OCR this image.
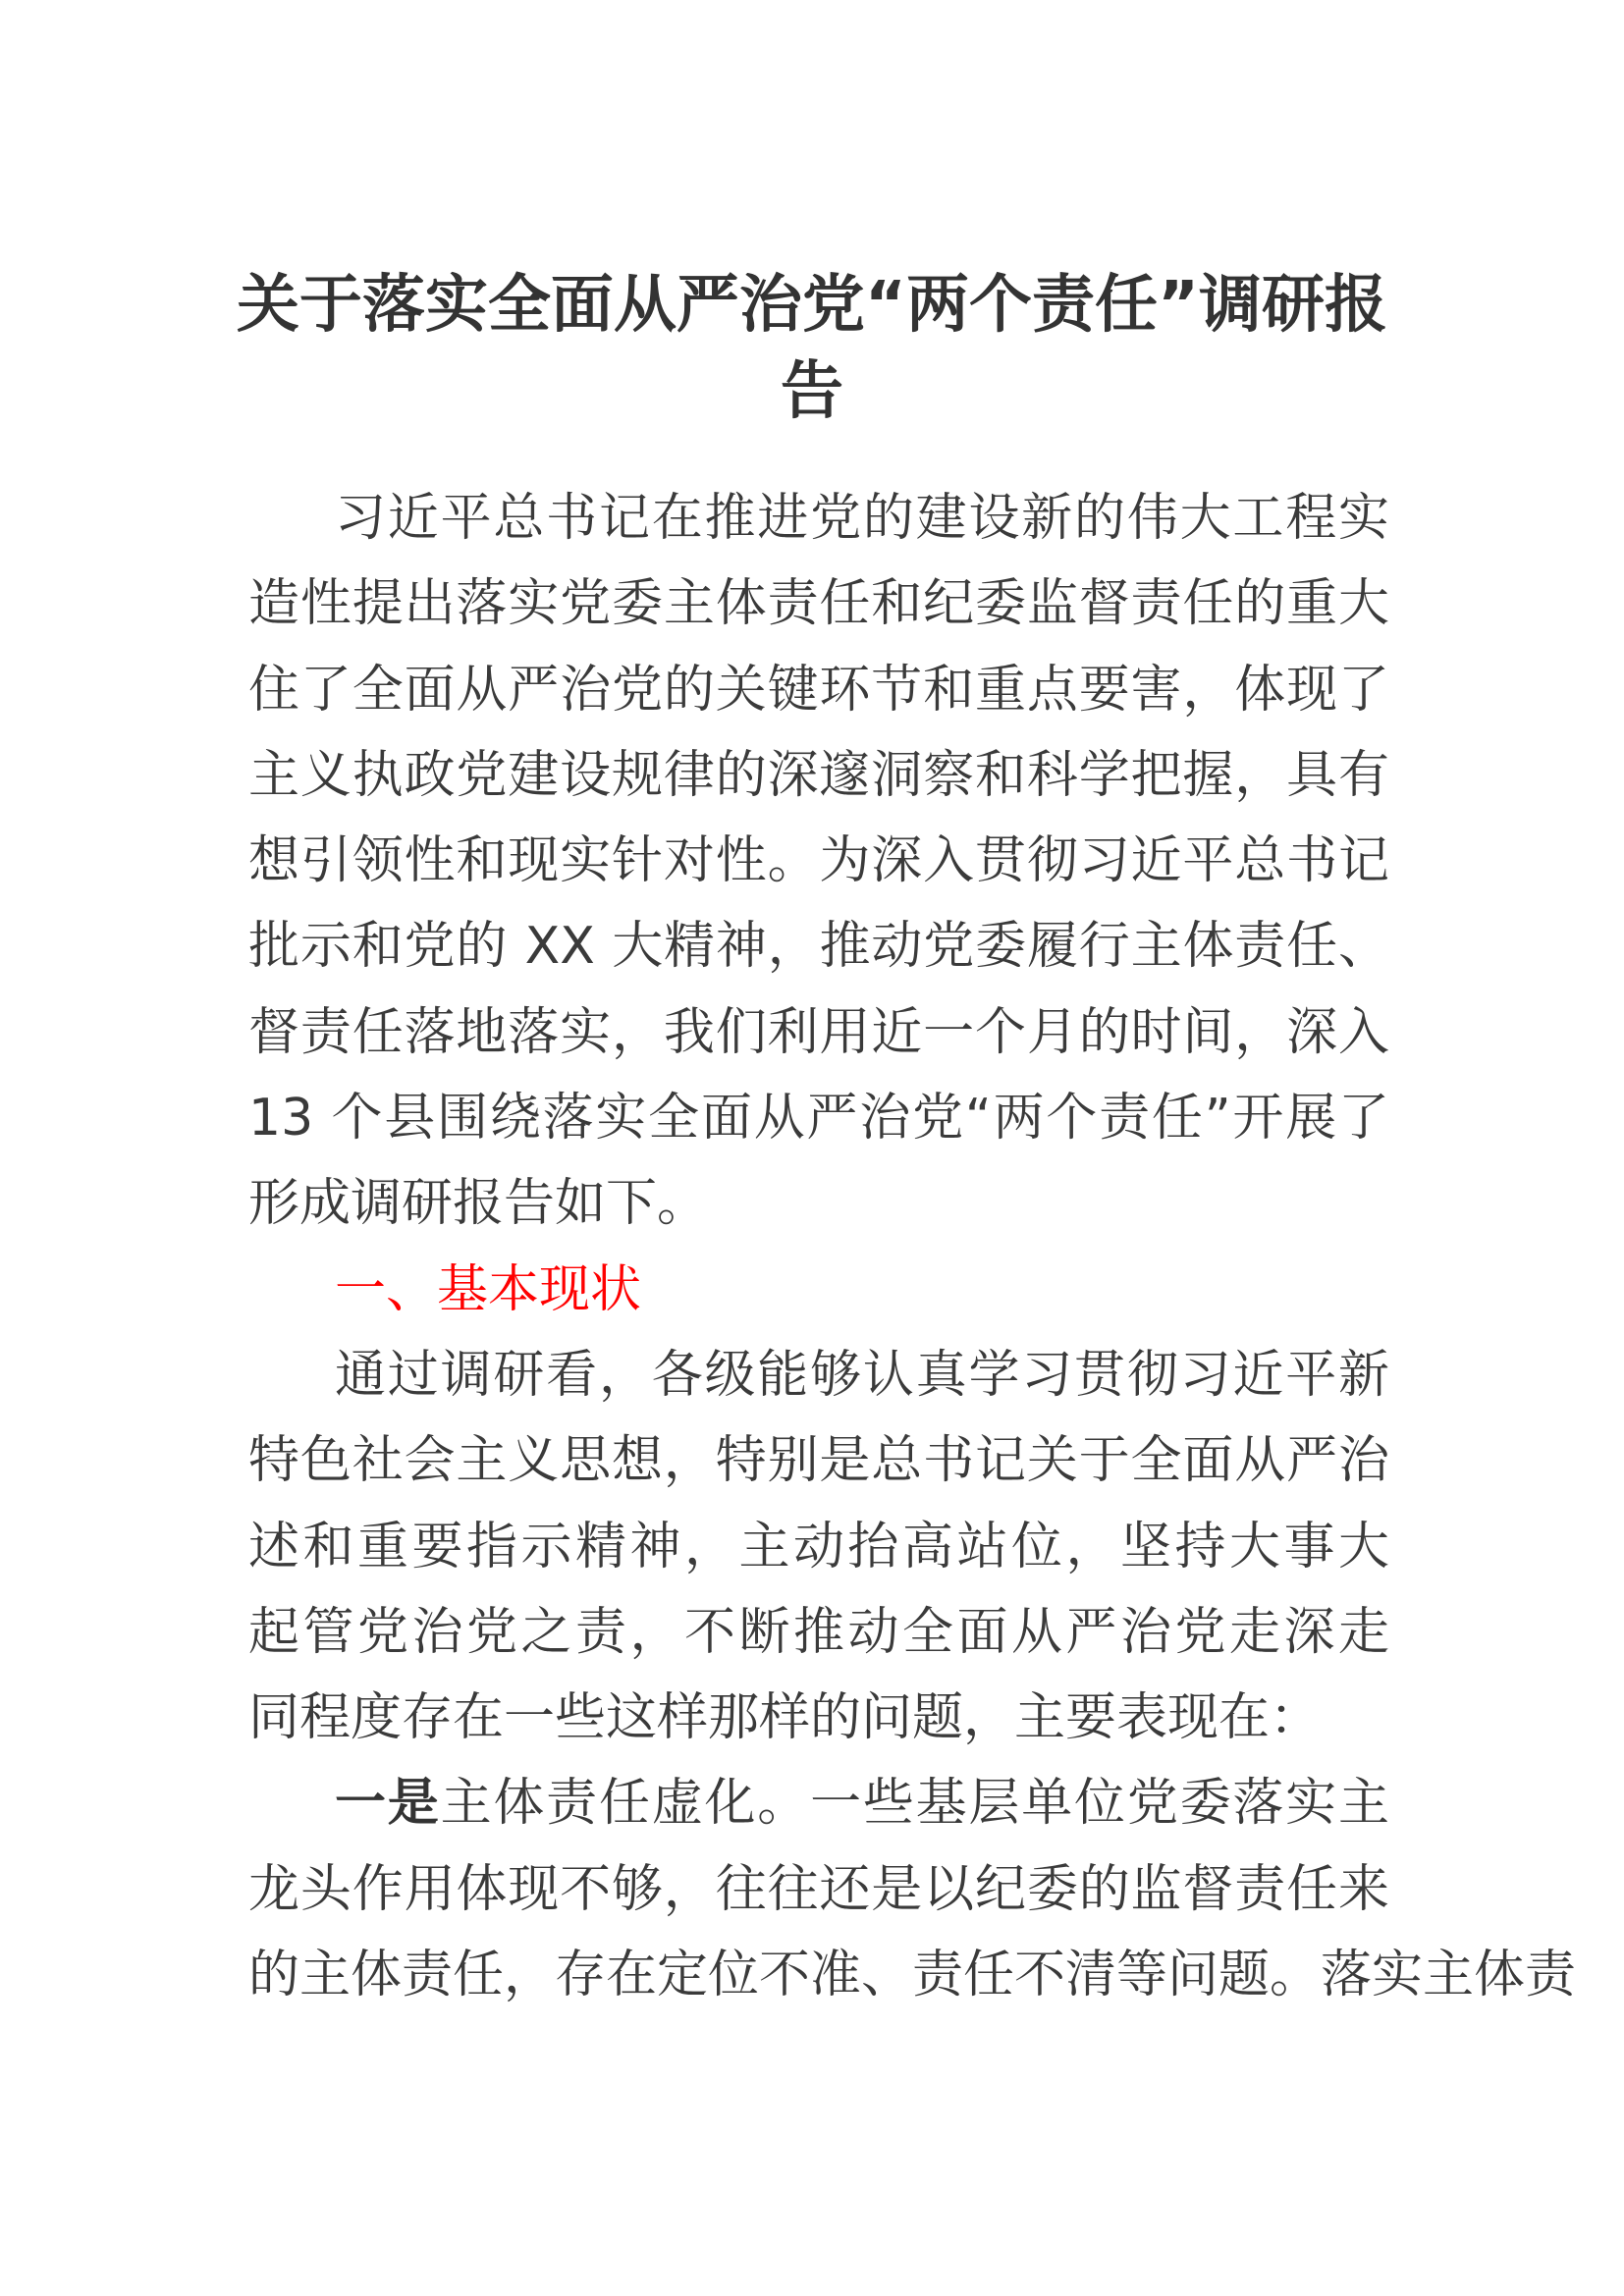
关于落实全面从严治党“两个责任”调研报
告
习近平总书记在推进党的建设新的伟大工程实
造性提出落实党委主体责任和纪委监督责任的重大
住了全面从严治党的关键环节和重点要害，体现了
主义执政党建设规律的深邃洞察和科学把握，具有
想引领性和现实针对性。为深入贯彻习近平总书记
批示和党的 XX 大精神，推动党委履行主体责任、
督责任落地落实，我们利用近一个月的时间，深入
13 个县围绕落实全面从严治党“两个责任”开展了
形成调研报告如下。
一、基本现状
通过调研看，各级能够认真学习贯彻习近平新
特色社会主义思想，特别是总书记关于全面从严治
述和重要指示精神，主动抬高站位，坚持大事大
起管党治党之责，不断推动全面从严治党走深走
同程度存在一些这样那样的问题，主要表现在：
一是主体责任虚化。一些基层单位党委落实主
龙头作用体现不够，往往还是以纪委的监督责任来
的主体责任，存在定位不准、责任不清等问题。落实主体责
